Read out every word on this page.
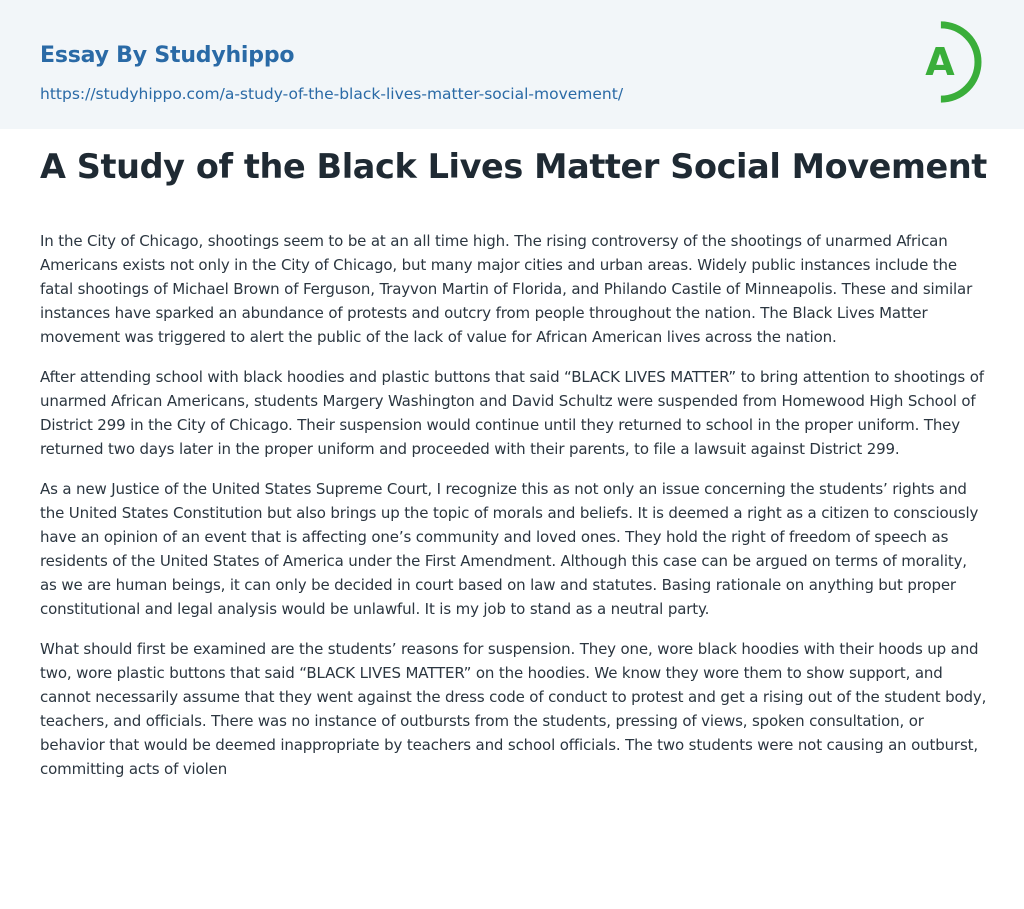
Essay By Studyhippo
https://studyhippo.com/a-study-of-the-black-lives-matter-social-movement/
A
A Study of the Black Lives Matter Social Movement

In the City of Chicago, shootings seem to be at an all time high. The rising controversy of the shootings of unarmed African Americans exists not only in the City of Chicago, but many major cities and urban areas. Widely public instances include the fatal shootings of Michael Brown of Ferguson, Trayvon Martin of Florida, and Philando Castile of Minneapolis. These and similar instances have sparked an abundance of protests and outcry from people throughout the nation. The Black Lives Matter movement was triggered to alert the public of the lack of value for African American lives across the nation.

After attending school with black hoodies and plastic buttons that said “BLACK LIVES MATTER” to bring attention to shootings of unarmed African Americans, students Margery Washington and David Schultz were suspended from Homewood High School of District 299 in the City of Chicago. Their suspension would continue until they returned to school in the proper uniform. They returned two days later in the proper uniform and proceeded with their parents, to file a lawsuit against District 299.

As a new Justice of the United States Supreme Court, I recognize this as not only an issue concerning the students’ rights and the United States Constitution but also brings up the topic of morals and beliefs. It is deemed a right as a citizen to consciously have an opinion of an event that is affecting one’s community and loved ones. They hold the right of freedom of speech as residents of the United States of America under the First Amendment. Although this case can be argued on terms of morality, as we are human beings, it can only be decided in court based on law and statutes. Basing rationale on anything but proper constitutional and legal analysis would be unlawful. It is my job to stand as a neutral party.

What should first be examined are the students’ reasons for suspension. They one, wore black hoodies with their hoods up and two, wore plastic buttons that said “BLACK LIVES MATTER” on the hoodies. We know they wore them to show support, and cannot necessarily assume that they went against the dress code of conduct to protest and get a rising out of the student body, teachers, and officials. There was no instance of outbursts from the students, pressing of views, spoken consultation, or behavior that would be deemed inappropriate by teachers and school officials. The two students were not causing an outburst, committing acts of violen
